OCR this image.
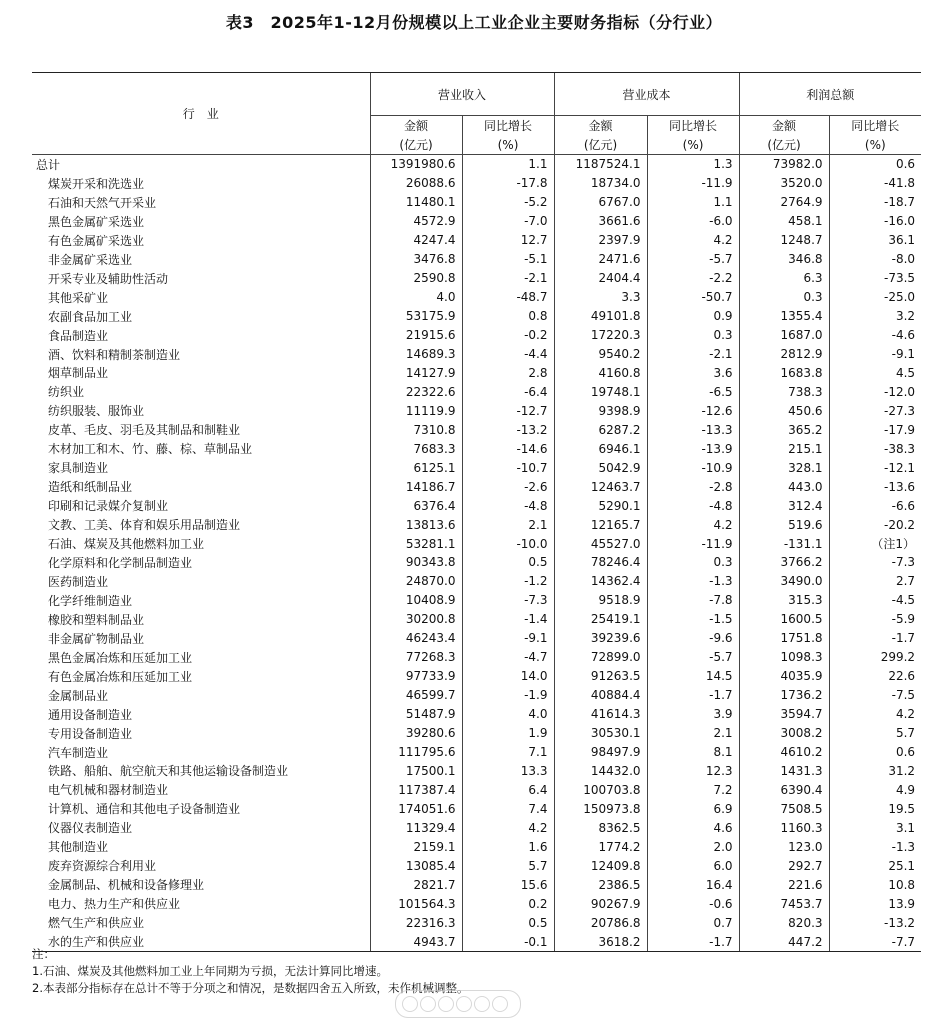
表3　2025年1-12月份规模以上工业企业主要财务指标（分行业）
行　业	营业收入		营业成本		利润总额	
	金额	同比增长	金额	同比增长	金额	同比增长
	(亿元)	(%)	(亿元)	(%)	(亿元)	(%)
总计	1391980.6	1.1	1187524.1	1.3	73982.0	0.6
煤炭开采和洗选业	26088.6	-17.8	18734.0	-11.9	3520.0	-41.8
石油和天然气开采业	11480.1	-5.2	6767.0	1.1	2764.9	-18.7
黑色金属矿采选业	4572.9	-7.0	3661.6	-6.0	458.1	-16.0
有色金属矿采选业	4247.4	12.7	2397.9	4.2	1248.7	36.1
非金属矿采选业	3476.8	-5.1	2471.6	-5.7	346.8	-8.0
开采专业及辅助性活动	2590.8	-2.1	2404.4	-2.2	6.3	-73.5
其他采矿业	4.0	-48.7	3.3	-50.7	0.3	-25.0
农副食品加工业	53175.9	0.8	49101.8	0.9	1355.4	3.2
食品制造业	21915.6	-0.2	17220.3	0.3	1687.0	-4.6
酒、饮料和精制茶制造业	14689.3	-4.4	9540.2	-2.1	2812.9	-9.1
烟草制品业	14127.9	2.8	4160.8	3.6	1683.8	4.5
纺织业	22322.6	-6.4	19748.1	-6.5	738.3	-12.0
纺织服装、服饰业	11119.9	-12.7	9398.9	-12.6	450.6	-27.3
皮革、毛皮、羽毛及其制品和制鞋业	7310.8	-13.2	6287.2	-13.3	365.2	-17.9
木材加工和木、竹、藤、棕、草制品业	7683.3	-14.6	6946.1	-13.9	215.1	-38.3
家具制造业	6125.1	-10.7	5042.9	-10.9	328.1	-12.1
造纸和纸制品业	14186.7	-2.6	12463.7	-2.8	443.0	-13.6
印刷和记录媒介复制业	6376.4	-4.8	5290.1	-4.8	312.4	-6.6
文教、工美、体育和娱乐用品制造业	13813.6	2.1	12165.7	4.2	519.6	-20.2
石油、煤炭及其他燃料加工业	53281.1	-10.0	45527.0	-11.9	-131.1	（注1）
化学原料和化学制品制造业	90343.8	0.5	78246.4	0.3	3766.2	-7.3
医药制造业	24870.0	-1.2	14362.4	-1.3	3490.0	2.7
化学纤维制造业	10408.9	-7.3	9518.9	-7.8	315.3	-4.5
橡胶和塑料制品业	30200.8	-1.4	25419.1	-1.5	1600.5	-5.9
非金属矿物制品业	46243.4	-9.1	39239.6	-9.6	1751.8	-1.7
黑色金属冶炼和压延加工业	77268.3	-4.7	72899.0	-5.7	1098.3	299.2
有色金属冶炼和压延加工业	97733.9	14.0	91263.5	14.5	4035.9	22.6
金属制品业	46599.7	-1.9	40884.4	-1.7	1736.2	-7.5
通用设备制造业	51487.9	4.0	41614.3	3.9	3594.7	4.2
专用设备制造业	39280.6	1.9	30530.1	2.1	3008.2	5.7
汽车制造业	111795.6	7.1	98497.9	8.1	4610.2	0.6
铁路、船舶、航空航天和其他运输设备制造业	17500.1	13.3	14432.0	12.3	1431.3	31.2
电气机械和器材制造业	117387.4	6.4	100703.8	7.2	6390.4	4.9
计算机、通信和其他电子设备制造业	174051.6	7.4	150973.8	6.9	7508.5	19.5
仪器仪表制造业	11329.4	4.2	8362.5	4.6	1160.3	3.1
其他制造业	2159.1	1.6	1774.2	2.0	123.0	-1.3
废弃资源综合利用业	13085.4	5.7	12409.8	6.0	292.7	25.1
金属制品、机械和设备修理业	2821.7	15.6	2386.5	16.4	221.6	10.8
电力、热力生产和供应业	101564.3	0.2	90267.9	-0.6	7453.7	13.9
燃气生产和供应业	22316.3	0.5	20786.8	0.7	820.3	-13.2
水的生产和供应业	4943.7	-0.1	3618.2	-1.7	447.2	-7.7
注：
1.石油、煤炭及其他燃料加工业上年同期为亏损，无法计算同比增速。
2.本表部分指标存在总计不等于分项之和情况，是数据四舍五入所致，未作机械调整。
